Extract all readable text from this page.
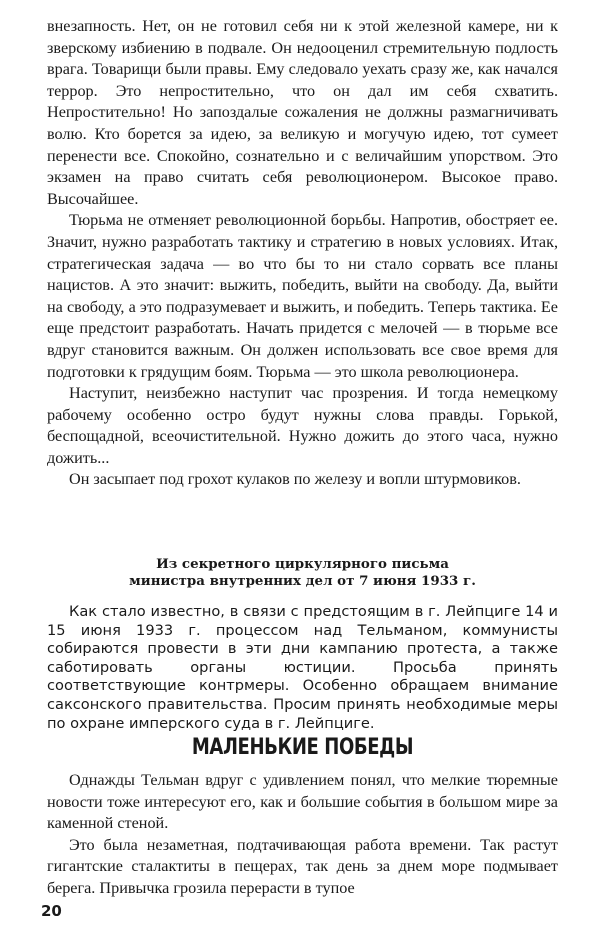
внезапность. Нет, он не готовил себя ни к этой железной камере, ни к зверскому избиению в подвале. Он недооценил стремительную подлость врага. Товарищи были правы. Ему следовало уехать сразу же, как начался террор. Это непростительно, что он дал им себя схватить. Непростительно! Но запоздалые сожаления не должны размагничивать волю. Кто борется за идею, за великую и могучую идею, тот сумеет перенести все. Спокойно, сознательно и с величайшим упорством. Это экзамен на право считать себя революционером. Высокое право. Высочайшее.

Тюрьма не отменяет революционной борьбы. Напротив, обостряет ее. Значит, нужно разработать тактику и стратегию в новых условиях. Итак, стратегическая задача — во что бы то ни стало сорвать все планы нацистов. А это значит: выжить, победить, выйти на свободу. Да, выйти на свободу, а это подразумевает и выжить, и победить. Теперь тактика. Ее еще предстоит разработать. Начать придется с мелочей — в тюрьме все вдруг становится важным. Он должен использовать все свое время для подготовки к грядущим боям. Тюрьма — это школа революционера.

Наступит, неизбежно наступит час прозрения. И тогда немецкому рабочему особенно остро будут нужны слова правды. Горькой, беспощадной, всеочистительной. Нужно дожить до этого часа, нужно дожить...

Он засыпает под грохот кулаков по железу и вопли штурмовиков.

Из секретного циркулярного письма
министра внутренних дел от 7 июня 1933 г.

Как стало известно, в связи с предстоящим в г. Лейпциге 14 и 15 июня 1933 г. процессом над Тельманом, коммунисты собираются провести в эти дни кампанию протеста, а также саботировать органы юстиции. Просьба принять соответствующие контрмеры. Особенно обращаем внимание саксонского правительства. Просим принять необходимые меры по охране имперского суда в г. Лейпциге.

МАЛЕНЬКИЕ ПОБЕДЫ

Однажды Тельман вдруг с удивлением понял, что мелкие тюремные новости тоже интересуют его, как и большие события в большом мире за каменной стеной.

Это была незаметная, подтачивающая работа времени. Так растут гигантские сталактиты в пещерах, так день за днем море подмывает берега. Привычка грозила перерасти в тупое

20
